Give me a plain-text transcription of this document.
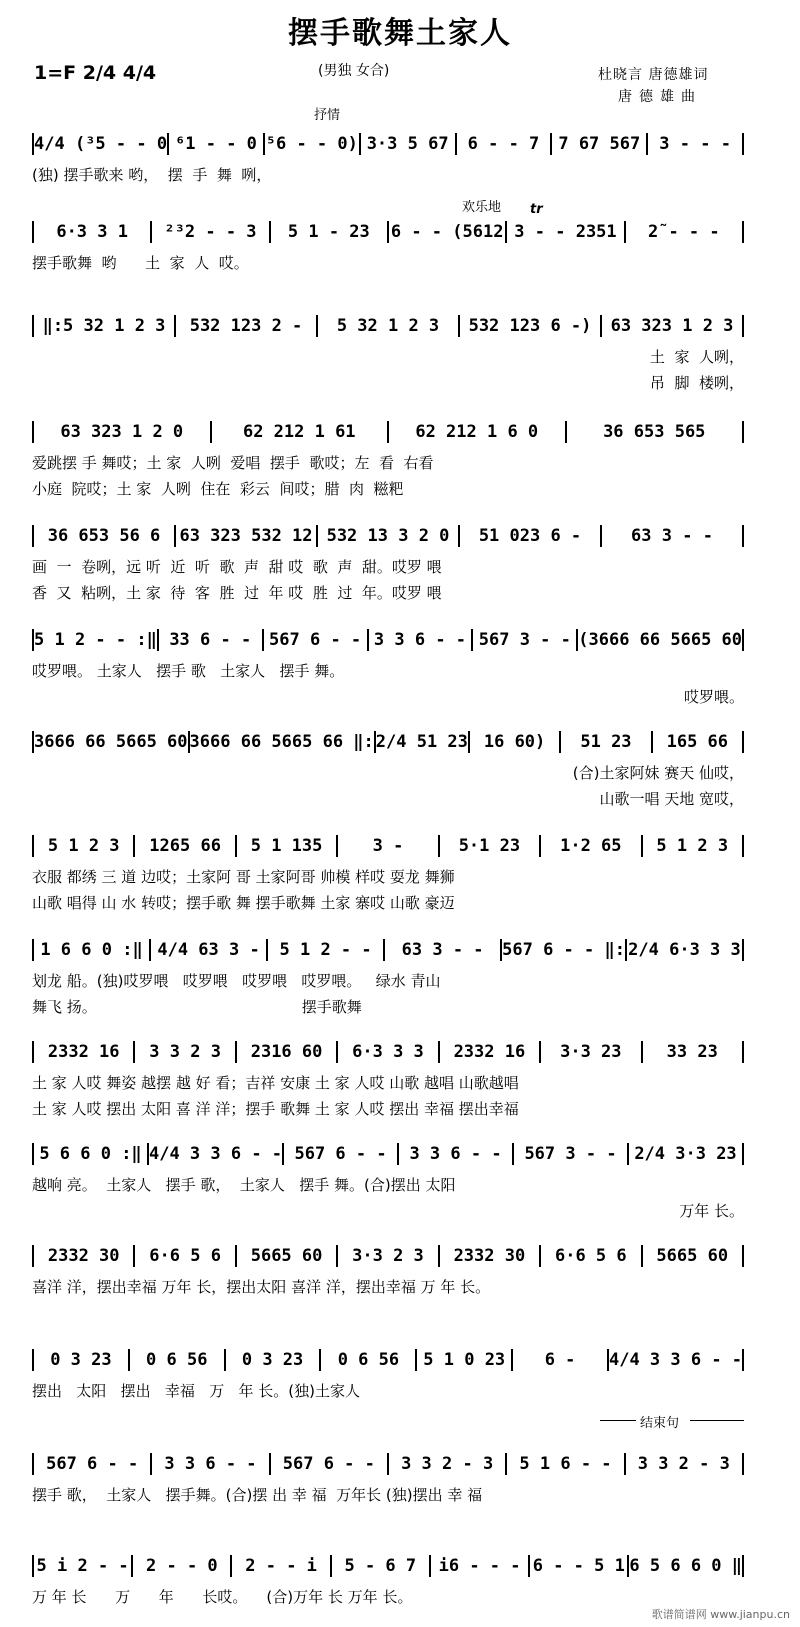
摆手歌舞土家人
1=F 2/4 4/4	(男独 女合)	杜晓言 唐德雄词
唐德雄曲
抒情
欢乐地 tr
结束句
4/4 (³5 - - 0 ⁶1 - - 0 ⁵6 - - 0) 3·3 5 67	6 - - 7	7 67 567	3 - - -
(独) 摆手歌来 哟，  摆  手  舞  咧，
6·3 3 1	²³2 - - 3	5 1 - 23	6 - - (5612 3 - - 2351	2̃ - - -
摆手歌舞  哟      土  家  人  哎。
‖:5 32 1 2 3	532 123 2 -	5 32 1 2 3	532 123 6 -)	63 323 1 2 3
土  家  人咧，
吊  脚  楼咧，
63 323 1 2 0	62 212 1 61	62 212 1 6 0	36 653 565
爱跳摆 手 舞哎；土 家  人咧  爱唱  摆手  歌哎；左  看  右看
小庭  院哎；土 家  人咧  住在  彩云  间哎；腊  肉  糍粑
36 653 56 6	63 323 532 12 532 13 3 2 0	51 023 6 -	63 3 - -
画  一  卷咧，远 听  近  听  歌  声  甜 哎  歌  声  甜。哎罗 喂
香  又  粘咧，土 家  待  客  胜  过  年 哎  胜  过  年。哎罗 喂
5 1 2 - - :‖ 33 6 - -	567 6 - - 3 3 6 - - 567 3 - - (3666 66 5665 60
哎罗喂。 土家人   摆手 歌   土家人   摆手 舞。
哎罗喂。
3666 66 5665 60 3666 66 5665 66 ‖: 2/4 51 23 16 60)	51 23	165 66
(合)土家阿妹 赛天 仙哎，
山歌一唱 天地 宽哎，
5 1 2 3	1265 66	5 1 135	3 -	5·1 23	1·2 65	5 1 2 3
衣服 都绣 三 道 边哎；土家阿 哥 土家阿哥 帅模 样哎 耍龙 舞狮
山歌 唱得 山 水 转哎；摆手歌 舞 摆手歌舞 土家 寨哎 山歌 豪迈
1 6 6 0 :‖ 4/4 63 3 -	5 1 2 - -	63 3 - -	567 6 - - ‖: 2/4 6·3 3 3
划龙 船。(独)哎罗喂   哎罗喂   哎罗喂   哎罗喂。   绿水 青山
舞飞 扬。                                           摆手歌舞
2332 16	3 3 2 3	2316 60	6·3 3 3	2332 16	3·3 23	33 23
土 家 人哎 舞姿 越摆 越 好 看；吉祥 安康 土 家 人哎 山歌 越唱 山歌越唱
土 家 人哎 摆出 太阳 喜 洋 洋；摆手 歌舞 土 家 人哎 摆出 幸福 摆出幸福
5 6 6 0 :‖ 4/4 3 3 6 - - 567 6 - -	3 3 6 - -	567 3 - -	2/4 3·3 23
越响 亮。  土家人   摆手 歌，  土家人   摆手 舞。(合)摆出 太阳
万年 长。
2332 30	6·6 5 6	5665 60	3·3 2 3	2332 30	6·6 5 6	5665 60
喜洋 洋，摆出幸福 万年 长，摆出太阳 喜洋 洋，摆出幸福 万 年 长。
0 3 23	0 6 56	0 3 23	0 6 56	5 1 0 23	6 -	4/4 3 3 6 - -
摆出   太阳   摆出   幸福   万   年 长。(独)土家人
567 6 - -	3 3 6 - -	567 6 - -	3 3 2 - 3	5 1 6 - -	3 3 2 - 3
摆手 歌，  土家人   摆手舞。(合)摆 出 幸 福  万年长 (独)摆出 幸 福
5 i 2 - -	2 - - 0	2 - - i	5 - 6 7	i6 - - - 6 - - 5 1 6 5 6 6 0 ‖
万 年 长      万      年      长哎。    (合)万年 长 万年 长。
歌谱简谱网 www.jianpu.cn
